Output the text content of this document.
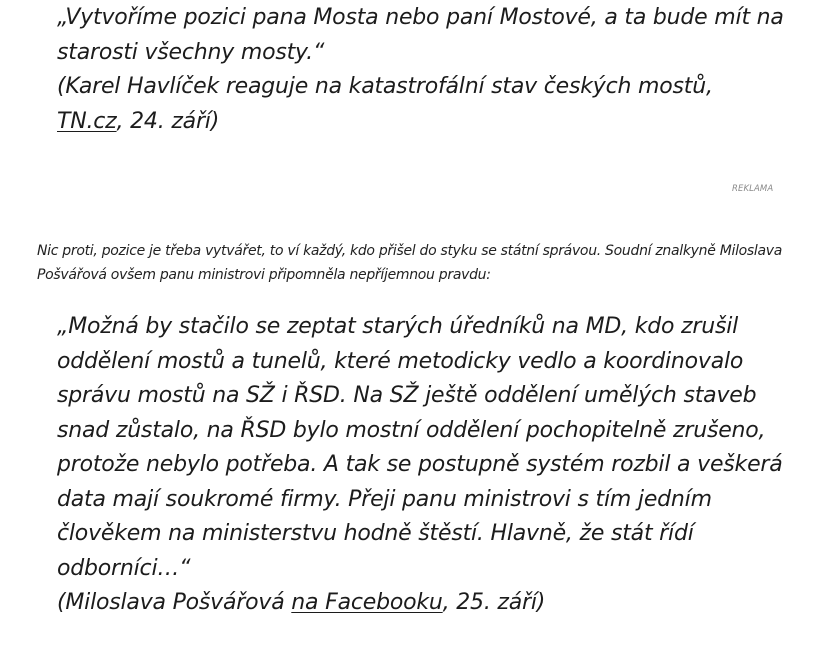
„Vytvoříme pozici pana Mosta nebo paní Mostové, a ta bude mít na starosti všechny mosty.“

(Karel Havlíček reaguje na katastrofální stav českých mostů,
TN.cz, 24. září)

REKLAMA

Nic proti, pozice je třeba vytvářet, to ví každý, kdo přišel do styku se státní správou. Soudní znalkyně Miloslava Pošvářová ovšem panu ministrovi připomněla nepříjemnou pravdu:

„Možná by stačilo se zeptat starých úředníků na MD, kdo zrušil oddělení mostů a tunelů, které metodicky vedlo a koordinovalo správu mostů na SŽ i ŘSD. Na SŽ ještě oddělení umělých staveb snad zůstalo, na ŘSD bylo mostní oddělení pochopitelně zrušeno, protože nebylo potřeba. A tak se postupně systém rozbil a veškerá data mají soukromé firmy. Přeji panu ministrovi s tím jedním člověkem na ministerstvu hodně štěstí. Hlavně, že stát řídí odborníci…“

(Miloslava Pošvářová na Facebooku, 25. září)
